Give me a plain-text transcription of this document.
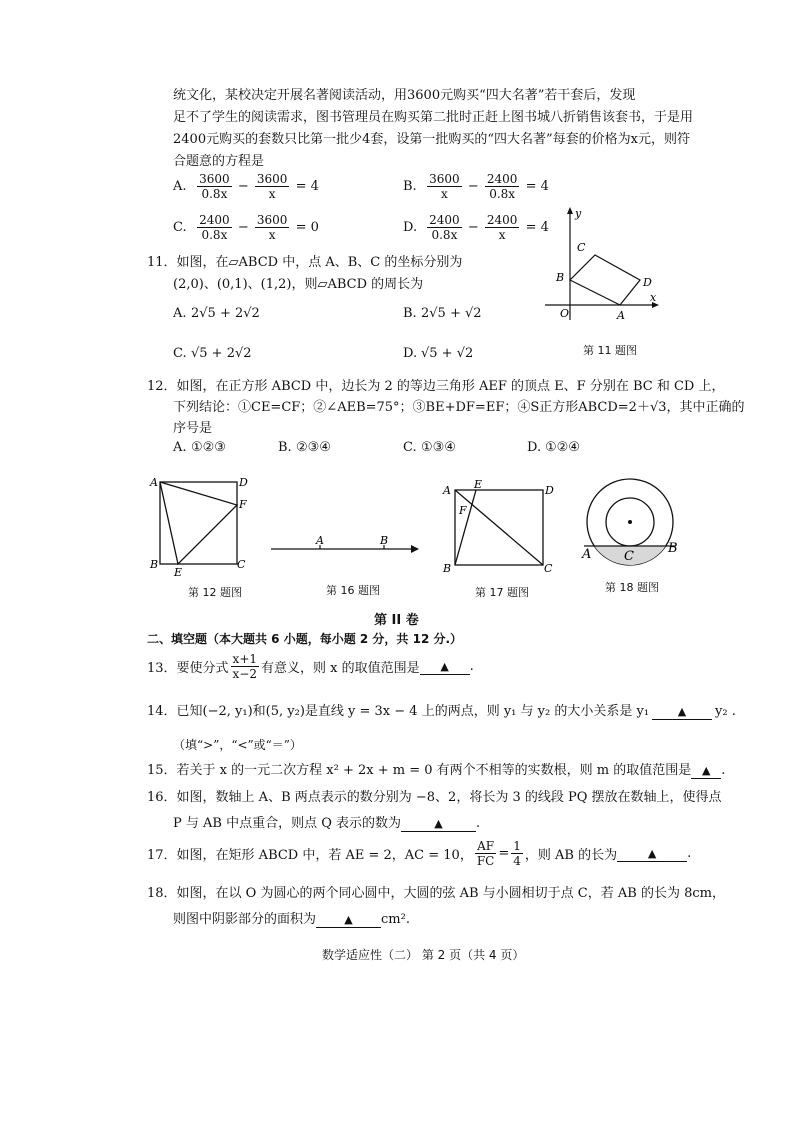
统文化，某校决定开展名著阅读活动，用3600元购买“四大名著”若干套后，发现
足不了学生的阅读需求，图书管理员在购买第二批时正赶上图书城八折销售该套书，于是用
2400元购买的套数只比第一批少4套，设第一批购买的“四大名著”每套的价格为x元，则符
合题意的方程是
A. $\frac{3600}{0.8x} - \frac{3600}{x} = 4$	B. $\frac{3600}{x} - \frac{2400}{0.8x} = 4$
C. $\frac{2400}{0.8x} - \frac{3600}{x} = 0$	D. $\frac{2400}{0.8x} - \frac{2400}{x} = 4$
y
x
O	A
B
C
D
第 11 题图
11．如图，在▱ABCD 中，点 A、B、C 的坐标分别为
(2,0)、(0,1)、(1,2)，则▱ABCD 的周长为
A. 2√5 + 2√2	B. 2√5 + √2
C. √5 + 2√2	D. √5 + √2
12．如图，在正方形 ABCD 中，边长为 2 的等边三角形 AEF 的顶点 E、F 分别在 BC 和 CD 上，
下列结论：①CE=CF；②∠AEB=75°；③BE+DF=EF；④S正方形ABCD=2＋√3，其中正确的
序号是
A. ①②③	B. ②③④	C. ①③④	D. ①②④
A	D
F
B
E
C
第 12 题图
A	B
第 16 题图
A E	D
F
B	C
第 17 题图
A	C
B
第 18 题图
第 II 卷
二、填空题（本大题共 6 小题，每小题 2 分，共 12 分.）
13．要使分式 $\frac{x+1}{x-2}$ 有意义，则 x 的取值范围是 ▲ .
14．已知(−2, y₁)和(5, y₂)是直线 y = 3x − 4 上的两点，则 y₁ 与 y₂ 的大小关系是 y₁	▲ y₂ .
（填“>”，“<”或“＝”）
15．若关于 x 的一元二次方程 x² + 2x + m = 0 有两个不相等的实数根，则 m 的取值范围是 ▲ .
16．如图，数轴上 A、B 两点表示的数分别为 −8、2，将长为 3 的线段 PQ 摆放在数轴上，使得点
P 与 AB 中点重合，则点 Q 表示的数为	▲	.
17．如图，在矩形 ABCD 中，若 AE = 2，AC = 10， $\frac{AF}{FC} = \frac{1}{4}$ ，则 AB 的长为	▲ .
18．如图，在以 O 为圆心的两个同心圆中，大圆的弦 AB 与小圆相切于点 C，若 AB 的长为 8cm，
则图中阴影部分的面积为	▲ cm².
数学适应性（二） 第 2 页（共 4 页）
